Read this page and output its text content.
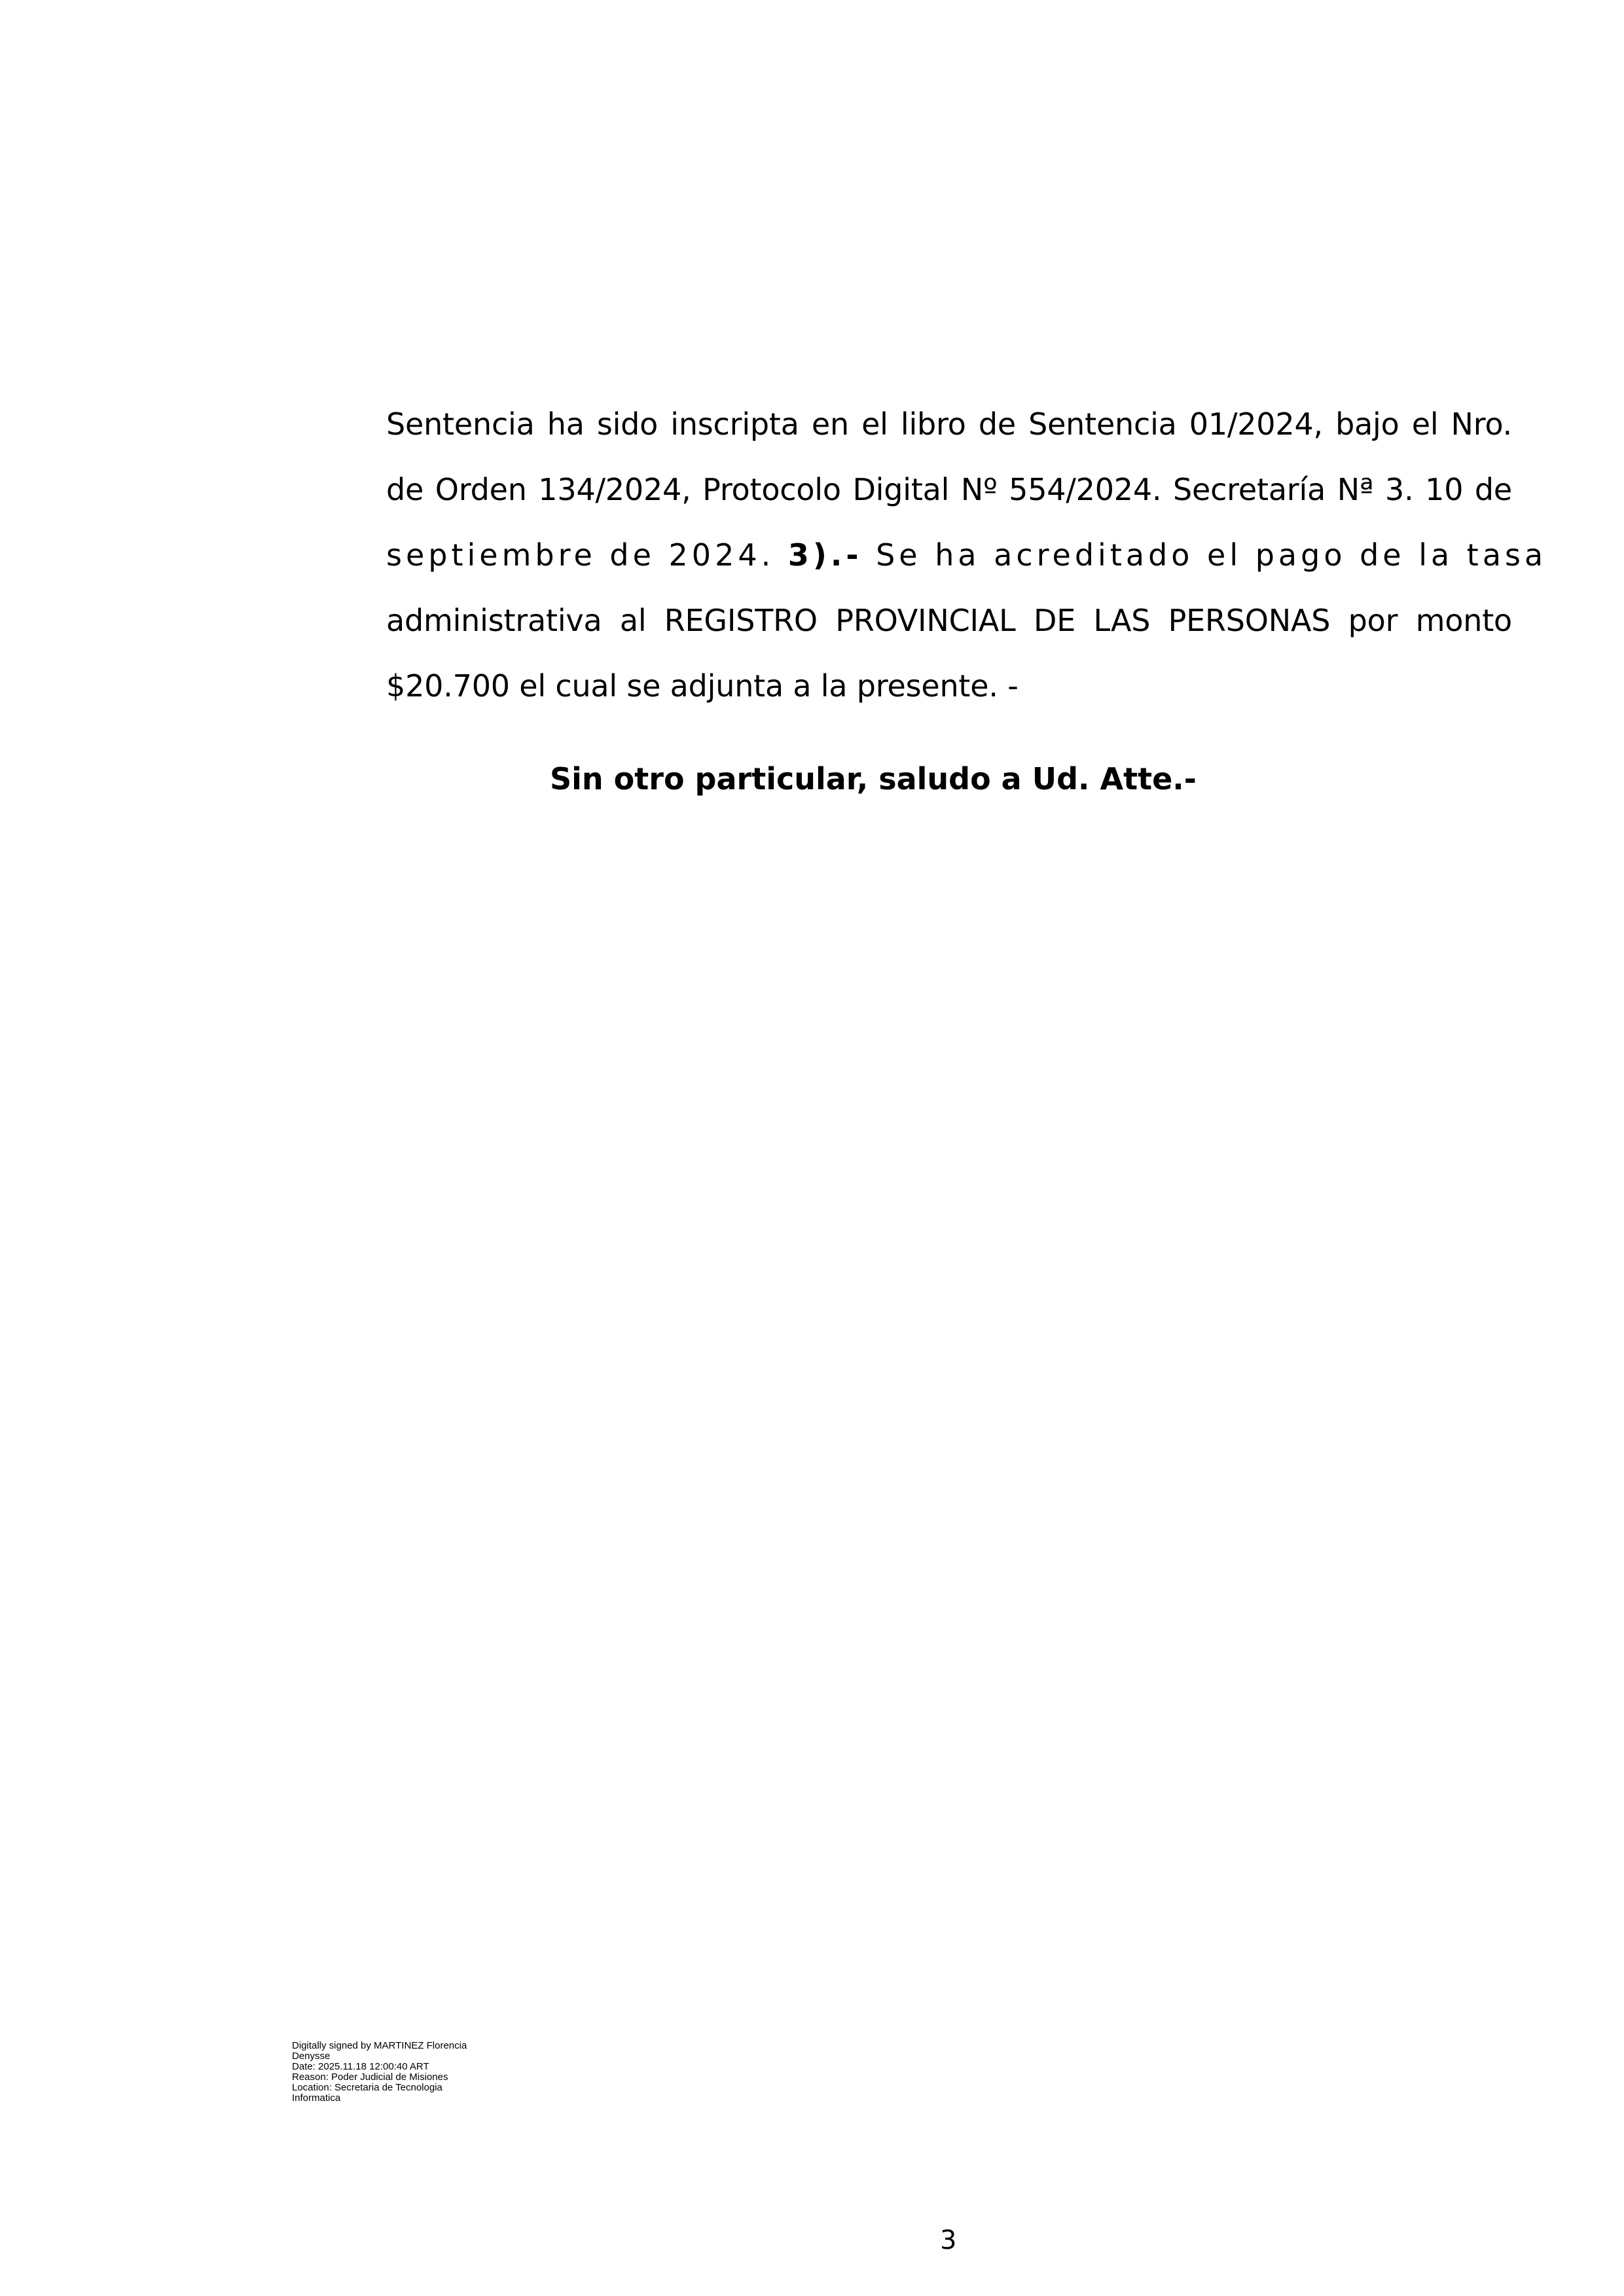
Sentencia ha sido inscripta en el libro de Sentencia 01/2024, bajo el Nro.
de Orden 134/2024, Protocolo Digital Nº 554/2024. Secretaría Nª 3. 10 de
septiembre de 2024. 3).- Se ha acreditado el pago de la tasa
administrativa al REGISTRO PROVINCIAL DE LAS PERSONAS por monto
$20.700 el cual se adjunta a la presente. -
Sin otro particular, saludo a Ud. Atte.-
Digitally signed by MARTINEZ Florencia
Denysse
Date: 2025.11.18 12:00:40 ART
Reason: Poder Judicial de Misiones
Location: Secretaria de Tecnologia
Informatica
3
